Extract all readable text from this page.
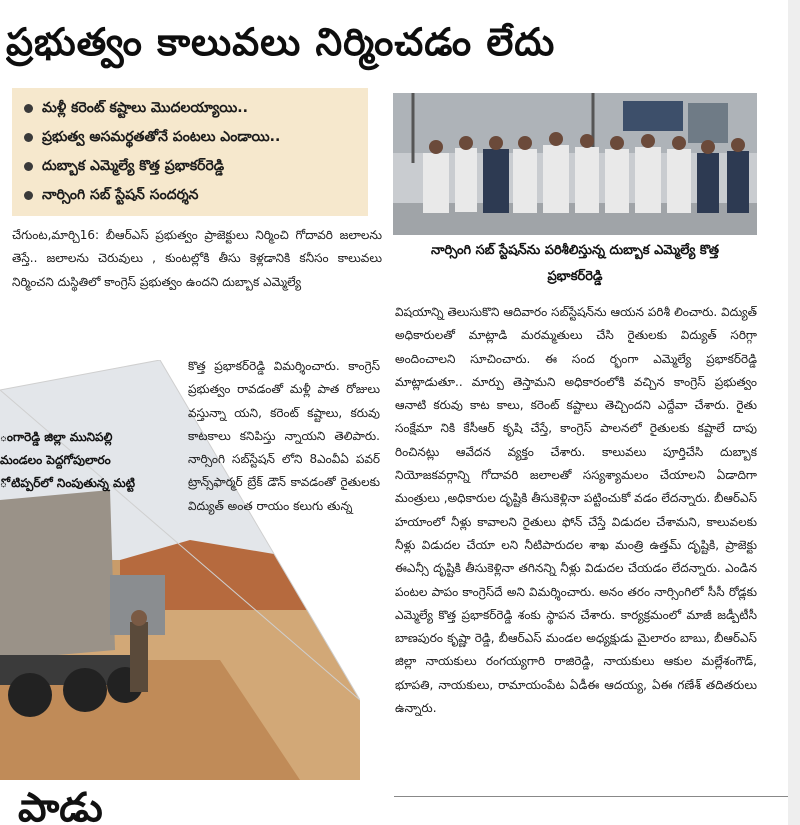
ప్రభుత్వం కాలువలు నిర్మించడం లేదు
మళ్లీ కరెంట్ కష్టాలు మొదలయ్యాయి..
ప్రభుత్వ అసమర్థతతోనే పంటలు ఎండాయి..
దుబ్బాక ఎమ్మెల్యే కొత్త ప్రభాకర్‌రెడ్డి
నార్సింగి సబ్ స్టేషన్ సందర్శన
చేగుంట,మార్చి16: బీఆర్ఎస్ ప్రభుత్వం ప్రాజెక్టులు నిర్మించి గోదావరి జలాలను తెస్తే.. జలాలను చెరువులు , కుంటల్లోకి తీసు కెళ్లడానికి కనీసం కాలువలు నిర్మించని దుస్థితిలో కాంగ్రెస్ ప్రభుత్వం ఉందని దుబ్బాక ఎమ్మెల్యే
ంగారెడ్డి జిల్లా మునిపల్లి
మండలం పెద్దగోపులారం
ో టిప్పర్‌లో నింపుతున్న మట్టి
కొత్త ప్రభాకర్‌రెడ్డి విమర్శించారు. కాంగ్రెస్ ప్రభుత్వం రావడంతో మళ్లీ పాత రోజులు వస్తున్నా యని, కరెంట్ కష్టాలు, కరువు కాటకాలు కనిపిస్తు న్నాయని తెలిపారు. నార్సింగి సబ్‌స్టేషన్ లోని 8ఎంవీఏ పవర్ ట్రాన్స్‌ఫార్మర్ బ్రేక్ డౌన్ కావడంతో రైతులకు విద్యుత్ అంత రాయం కలుగు తున్న
నార్సింగి సబ్ స్టేషన్‌ను పరిశీలిస్తున్న దుబ్బాక ఎమ్మెల్యే కొత్త ప్రభాకర్‌రెడ్డి
విషయాన్ని తెలుసుకొని ఆదివారం సబ్‌స్టేషన్‌ను ఆయన పరిశీ లించారు. విద్యుత్ అధికారులతో మాట్లాడి మరమ్మతులు చేసి రైతులకు విద్యుత్ సరిగ్గా అందించాలని సూచించారు. ఈ సంద ర్భంగా ఎమ్మెల్యే ప్రభాకర్‌రెడ్డి మాట్లాడుతూ.. మార్పు తెస్తామని అధికారంలోకి వచ్చిన కాంగ్రెస్ ప్రభుత్వం ఆనాటి కరువు కాట కాలు, కరెంట్ కష్టాలు తెచ్చిందని ఎద్దేవా చేశారు. రైతు సంక్షేమా నికి కేసీఆర్ కృషి చేస్తే, కాంగ్రెస్ పాలనలో రైతులకు కష్టాలే దాపు రించినట్లు ఆవేదన వ్యక్తం చేశారు. కాలువలు పూర్తిచేసి దుబ్బాక నియోజకవర్గాన్ని గోదావరి జలాలతో సస్యశ్యామలం చేయాలని ఏడాదిగా మంత్రులు ,అధికారుల దృష్టికి తీసుకెళ్లినా పట్టించుకో వడం లేదన్నారు. బీఆర్ఎస్ హయాంలో నీళ్లు కావాలని రైతులు ఫోన్ చేస్తే విడుదల చేశామని, కాలువలకు నీళ్లు విడుదల చేయా లని నీటిపారుదల శాఖ మంత్రి ఉత్తమ్ దృష్టికి, ప్రాజెక్టు ఈఎన్సీ దృష్టికి తీసుకెళ్లినా తగినన్ని నీళ్లు విడుదల చేయడం లేదన్నారు. ఎండిన పంటల పాపం కాంగ్రెస్‌దే అని విమర్శించారు. అనం తరం నార్సింగిలో సీసీ రోడ్లకు ఎమ్మెల్యే కొత్త ప్రభాకర్‌రెడ్డి శంకు స్థాపన చేశారు. కార్యక్రమంలో మాజీ జడ్పీటీసీ బాణపురం కృష్ణా రెడ్డి, బీఆర్ఎస్ మండల అధ్యక్షుడు మైలారం బాబు, బీఆర్ఎస్ జిల్లా నాయకులు రంగయ్యగారి రాజిరెడ్డి, నాయకులు ఆకుల మల్లేశంగౌడ్, భూపతి, నాయకులు, రామాయంపేట ఏడీఈ ఆదయ్య, ఏఈ గణేశ్ తదితరులు ఉన్నారు.
పాడు
